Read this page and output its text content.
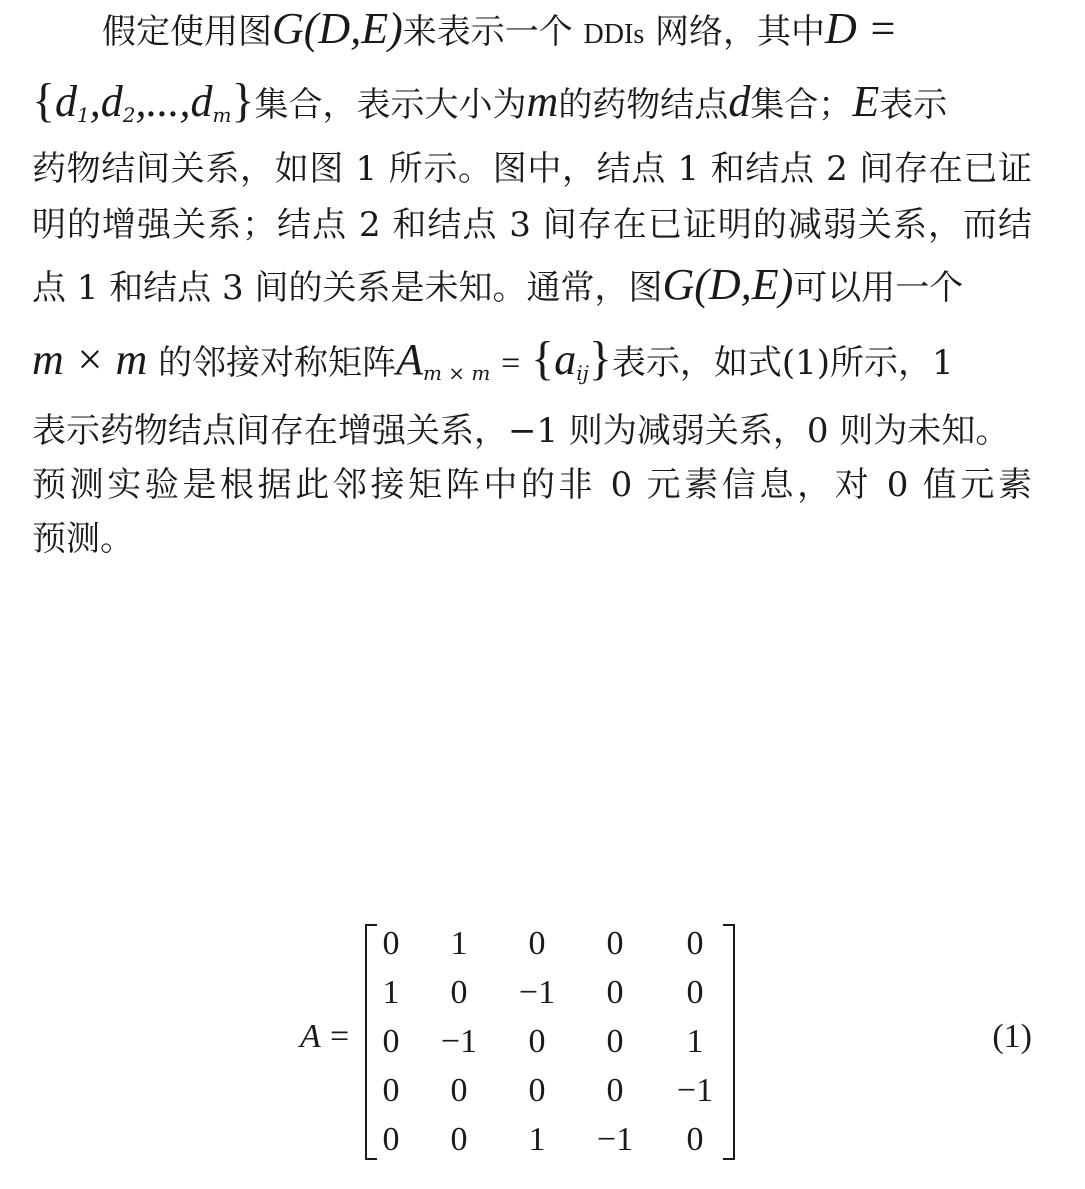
假定使用图G(D,E)来表示一个 DDIs 网络，其中D =
$\{d_1,d_2,...,d_m\}$集合，表示大小为m的药物结点d集合；E表示
药物结间关系，如图 1 所示。图中，结点 1 和结点 2 间存在已证
明的增强关系；结点 2 和结点 3 间存在已证明的减弱关系，而结
点 1 和结点 3 间的关系是未知。通常，图G(D,E)可以用一个
m × m 的邻接对称矩阵$A_{m \times m} = \{a_{ij}\}$表示，如式(1)所示，1
表示药物结点间存在增强关系，−1 则为减弱关系，0 则为未知。
预测实验是根据此邻接矩阵中的非 0 元素信息，对 0 值元素
预测。
A =
0	1	0	0	0
1	0	−1	0	0
0	−1	0	0	1
0	0	0	0	−1
0	0	1	−1	0
(1)
